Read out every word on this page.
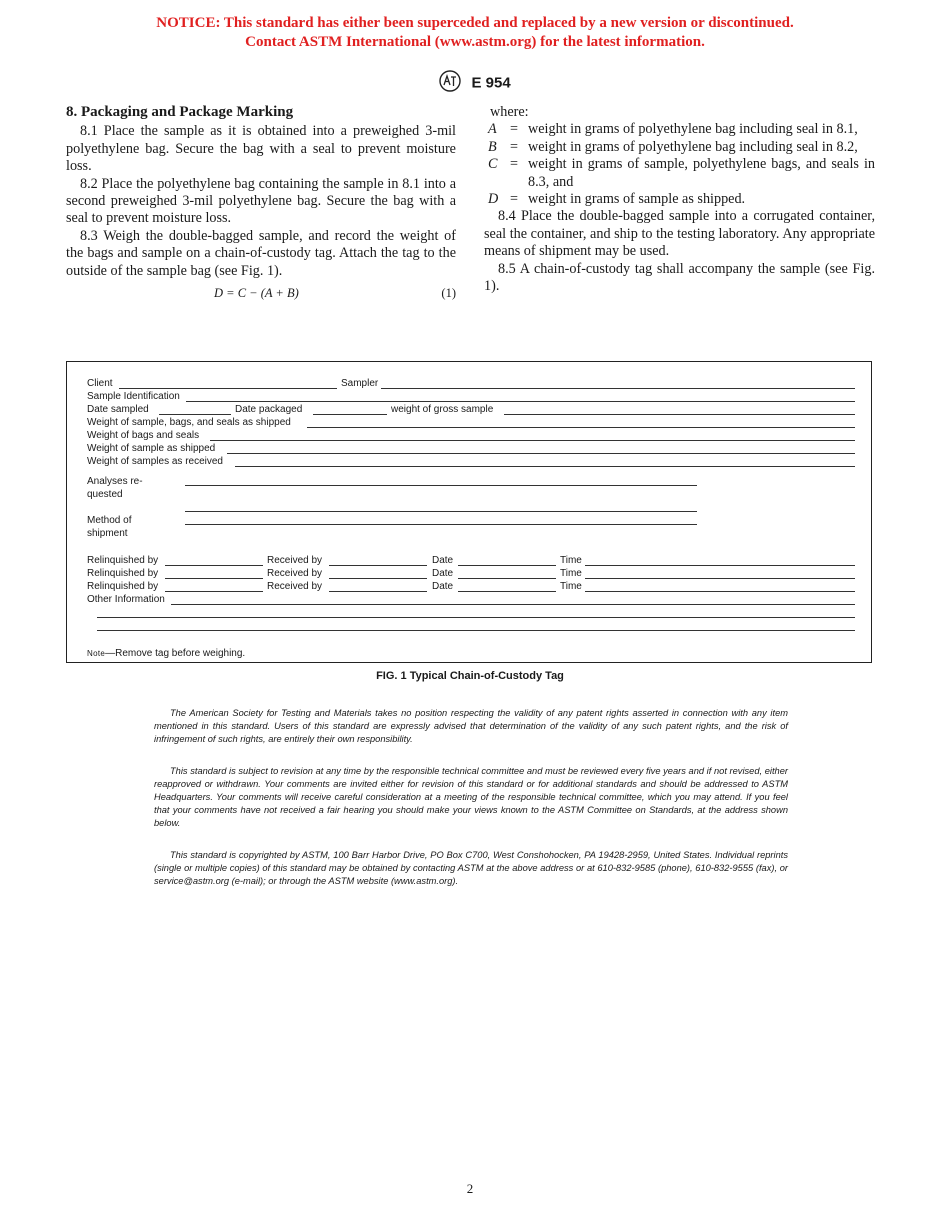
NOTICE: This standard has either been superceded and replaced by a new version or discontinued.
Contact ASTM International (www.astm.org) for the latest information.
E 954

8. Packaging and Package Marking

8.1 Place the sample as it is obtained into a preweighed 3-mil polyethylene bag. Secure the bag with a seal to prevent moisture loss.

8.2 Place the polyethylene bag containing the sample in 8.1 into a second preweighed 3-mil polyethylene bag. Secure the bag with a seal to prevent moisture loss.

8.3 Weigh the double-bagged sample, and record the weight of the bags and sample on a chain-of-custody tag. Attach the tag to the outside of the sample bag (see Fig. 1).

D = C − (A + B)	(1)

where:

A = weight in grams of polyethylene bag including seal in 8.1,
B = weight in grams of polyethylene bag including seal in 8.2,
C = weight in grams of sample, polyethylene bags, and seals in 8.3, and
D = weight in grams of sample as shipped.

8.4 Place the double-bagged sample into a corrugated container, seal the container, and ship to the testing laboratory. Any appropriate means of shipment may be used.

8.5 A chain-of-custody tag shall accompany the sample (see Fig. 1).

Client	Sampler
Sample Identification
Date sampled	Date packaged	weight of gross sample
Weight of sample, bags, and seals as shipped
Weight of bags and seals
Weight of sample as shipped
Weight of samples as received
Analyses re-
quested
Method of
shipment
Relinquished by	Received by	Date	Time
Relinquished by	Received by	Date	Time
Relinquished by	Received by	Date	Time
Other Information
Note—Remove tag before weighing.
FIG. 1 Typical Chain-of-Custody Tag

The American Society for Testing and Materials takes no position respecting the validity of any patent rights asserted in connection with any item mentioned in this standard. Users of this standard are expressly advised that determination of the validity of any such patent rights, and the risk of infringement of such rights, are entirely their own responsibility.

This standard is subject to revision at any time by the responsible technical committee and must be reviewed every five years and if not revised, either reapproved or withdrawn. Your comments are invited either for revision of this standard or for additional standards and should be addressed to ASTM Headquarters. Your comments will receive careful consideration at a meeting of the responsible technical committee, which you may attend. If you feel that your comments have not received a fair hearing you should make your views known to the ASTM Committee on Standards, at the address shown below.

This standard is copyrighted by ASTM, 100 Barr Harbor Drive, PO Box C700, West Conshohocken, PA 19428-2959, United States. Individual reprints (single or multiple copies) of this standard may be obtained by contacting ASTM at the above address or at 610-832-9585 (phone), 610-832-9555 (fax), or service@astm.org (e-mail); or through the ASTM website (www.astm.org).

2
